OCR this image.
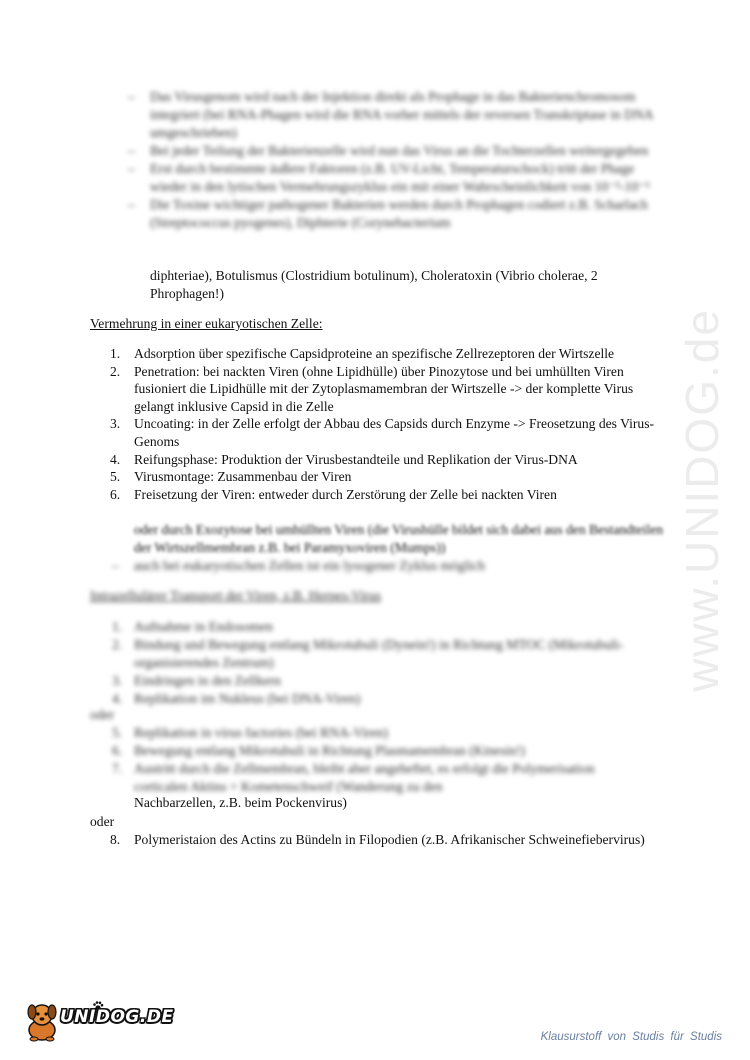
www.UNIDOG.de
– Das Virusgenom wird nach der Injektion direkt als Prophage in das Bakterienchromosom integriert (bei RNA-Phagen wird die RNA vorher mittels der reversen Transkriptase in DNA umgeschrieben)
– Bei jeder Teilung der Bakterienzelle wird nun das Virus an die Tochterzellen weitergegeben
– Erst durch bestimmte äußere Faktoren (z.B. UV-Licht, Temperaturschock) tritt der Phage wieder in den lytischen Vermehrungszyklus ein mit einer Wahrscheinlichkeit von 10⁻⁵-10⁻⁶
– Die Toxine wichtiger pathogener Bakterien werden durch Prophagen codiert z.B. Scharlach (Streptococcus pyogenes), Diphterie (Corynebacterium
diphteriae), Botulismus (Clostridium botulinum), Choleratoxin (Vibrio cholerae, 2 Phrophagen!)
Vermehrung in einer eukaryotischen Zelle:
1. Adsorption über spezifische Capsidproteine an spezifische Zellrezeptoren der Wirtszelle
2. Penetration: bei nackten Viren (ohne Lipidhülle) über Pinozytose und bei umhüllten Viren fusioniert die Lipidhülle mit der Zytoplasmamembran der Wirtszelle -> der komplette Virus gelangt inklusive Capsid in die Zelle
3. Uncoating: in der Zelle erfolgt der Abbau des Capsids durch Enzyme -> Freosetzung des Virus-Genoms
4. Reifungsphase: Produktion der Virusbestandteile und Replikation der Virus-DNA
5. Virusmontage: Zusammenbau der Viren
6. Freisetzung der Viren: entweder durch Zerstörung der Zelle bei nackten Viren
oder durch Exozytose bei umhüllten Viren (die Virushülle bildet sich dabei aus den Bestandteilen der Wirtszellmembran z.B. bei Paramyxoviren (Mumps))
– auch bei eukaryotischen Zellen ist ein lysogener Zyklus möglich
Intrazellulärer Transport der Viren, z.B. Herpes-Virus
1. Aufnahme in Endosomen
2. Bindung und Bewegung entlang Mikrotubuli (Dynein!) in Richtung MTOC (Mikrotubuli-organisierendes Zentrum)
3. Eindringen in den Zellkern
4. Replikation im Nukleus (bei DNA-Viren)
oder
5. Replikation in virus factories (bei RNA-Viren)
6. Bewegung entlang Mikrotubuli in Richtung Plasmamembran (Kinesin!)
7. Austritt durch die Zellmembran, bleibt aber angeheftet, es erfolgt die Polymerisation corticalen Aktins = Kometenschweif (Wanderung zu den
Nachbarzellen, z.B. beim Pockenvirus)
oder
8. Polymeristaion des Actins zu Bündeln in Filopodien (z.B. Afrikanischer Schweinefiebervirus)
UNIDOG.DE
Klausurstoff von Studis für Studis
